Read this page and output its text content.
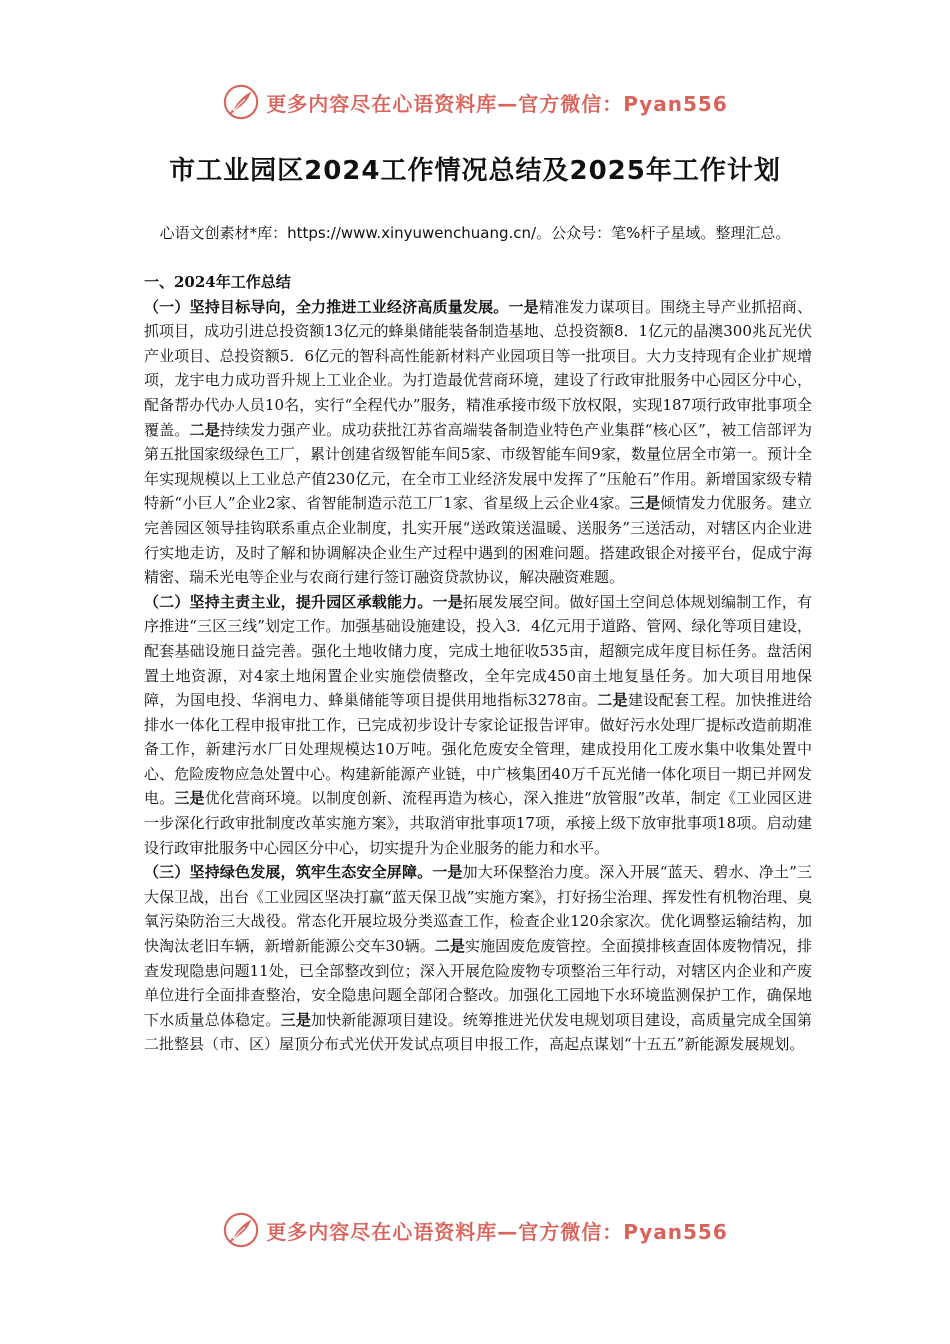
更多内容尽在心语资料库—官方微信：Pyan556
市工业园区2024工作情况总结及2025年工作计划
心语文创素材*库：https://www.xinyuwenchuang.cn/。公众号：笔%杆子星域。整理汇总。

一、2024年工作总结

（一）坚持目标导向，全力推进工业经济高质量发展。一是精准发力谋项目。围绕主导产业抓招商、抓项目，成功引进总投资额13亿元的蜂巢储能装备制造基地、总投资额8．1亿元的晶澳300兆瓦光伏产业项目、总投资额5．6亿元的智科高性能新材料产业园项目等一批项目。大力支持现有企业扩规增项，龙宇电力成功晋升规上工业企业。为打造最优营商环境，建设了行政审批服务中心园区分中心，配备帮办代办人员10名，实行“全程代办”服务，精准承接市级下放权限，实现187项行政审批事项全覆盖。二是持续发力强产业。成功获批江苏省高端装备制造业特色产业集群“核心区”，被工信部评为第五批国家级绿色工厂，累计创建省级智能车间5家、市级智能车间9家，数量位居全市第一。预计全年实现规模以上工业总产值230亿元，在全市工业经济发展中发挥了“压舱石”作用。新增国家级专精特新“小巨人”企业2家、省智能制造示范工厂1家、省星级上云企业4家。三是倾情发力优服务。建立完善园区领导挂钩联系重点企业制度，扎实开展“送政策送温暖、送服务”三送活动，对辖区内企业进行实地走访，及时了解和协调解决企业生产过程中遇到的困难问题。搭建政银企对接平台，促成宁海精密、瑞禾光电等企业与农商行建行签订融资贷款协议，解决融资难题。

（二）坚持主责主业，提升园区承载能力。一是拓展发展空间。做好国土空间总体规划编制工作，有序推进“三区三线”划定工作。加强基础设施建设，投入3．4亿元用于道路、管网、绿化等项目建设，配套基础设施日益完善。强化土地收储力度，完成土地征收535亩，超额完成年度目标任务。盘活闲置土地资源，对4家土地闲置企业实施偿债整改，全年完成450亩土地复垦任务。加大项目用地保障，为国电投、华润电力、蜂巢储能等项目提供用地指标3278亩。二是建设配套工程。加快推进给排水一体化工程申报审批工作，已完成初步设计专家论证报告评审。做好污水处理厂提标改造前期准备工作，新建污水厂日处理规模达10万吨。强化危废安全管理，建成投用化工废水集中收集处置中心、危险废物应急处置中心。构建新能源产业链，中广核集团40万千瓦光储一体化项目一期已并网发电。三是优化营商环境。以制度创新、流程再造为核心，深入推进“放管服”改革，制定《工业园区进一步深化行政审批制度改革实施方案》，共取消审批事项17项，承接上级下放审批事项18项。启动建设行政审批服务中心园区分中心，切实提升为企业服务的能力和水平。

（三）坚持绿色发展，筑牢生态安全屏障。一是加大环保整治力度。深入开展“蓝天、碧水、净土”三大保卫战，出台《工业园区坚决打赢“蓝天保卫战”实施方案》，打好扬尘治理、挥发性有机物治理、臭氧污染防治三大战役。常态化开展垃圾分类巡查工作，检查企业120余家次。优化调整运输结构，加快淘汰老旧车辆，新增新能源公交车30辆。二是实施固废危废管控。全面摸排核查固体废物情况，排查发现隐患问题11处，已全部整改到位；深入开展危险废物专项整治三年行动，对辖区内企业和产废单位进行全面排查整治，安全隐患问题全部闭合整改。加强化工园地下水环境监测保护工作，确保地下水质量总体稳定。三是加快新能源项目建设。统筹推进光伏发电规划项目建设，高质量完成全国第二批整县（市、区）屋顶分布式光伏开发试点项目申报工作，高起点谋划“十五五”新能源发展规划。

更多内容尽在心语资料库—官方微信：Pyan556
